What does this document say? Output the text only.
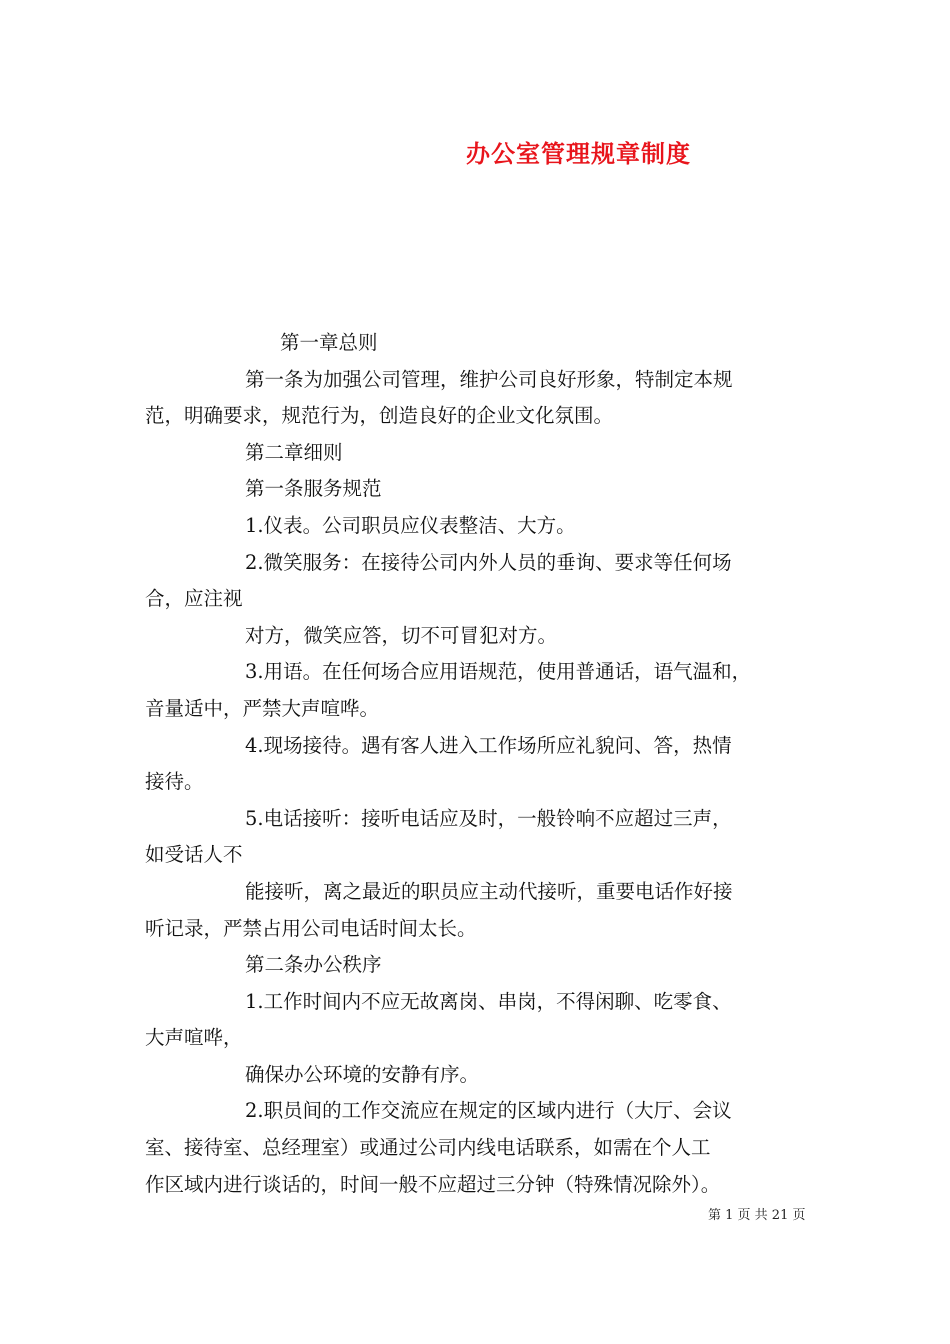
办公室管理规章制度

第一章总则

第一条为加强公司管理，维护公司良好形象，特制定本规

范，明确要求，规范行为，创造良好的企业文化氛围。

第二章细则

第一条服务规范

1.仪表。公司职员应仪表整洁、大方。

2.微笑服务：在接待公司内外人员的垂询、要求等任何场

合，应注视

对方，微笑应答，切不可冒犯对方。

3.用语。在任何场合应用语规范，使用普通话，语气温和，

音量适中，严禁大声喧哗。

4.现场接待。遇有客人进入工作场所应礼貌问、答，热情

接待。

5.电话接听：接听电话应及时，一般铃响不应超过三声，

如受话人不

能接听，离之最近的职员应主动代接听，重要电话作好接

听记录，严禁占用公司电话时间太长。

第二条办公秩序

1.工作时间内不应无故离岗、串岗，不得闲聊、吃零食、

大声喧哗，

确保办公环境的安静有序。

2.职员间的工作交流应在规定的区域内进行（大厅、会议

室、接待室、总经理室）或通过公司内线电话联系，如需在个人工

作区域内进行谈话的，时间一般不应超过三分钟（特殊情况除外）。

第 1 页 共 21 页
